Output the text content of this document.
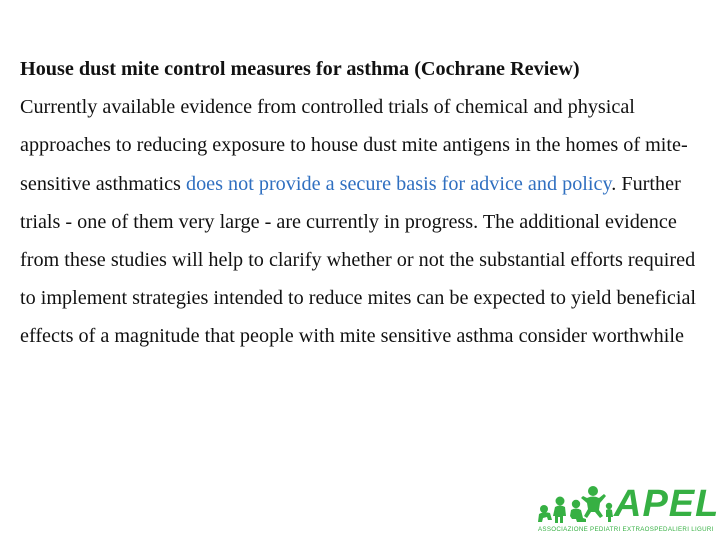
House dust mite control measures for asthma (Cochrane Review)
Currently available evidence from controlled trials of chemical and physical approaches to reducing exposure to house dust mite antigens in the homes of mite-sensitive asthmatics does not provide a secure basis for advice and policy. Further trials - one of them very large - are currently in progress. The additional evidence from these studies will help to clarify whether or not the substantial efforts required to implement strategies intended to reduce mites can be expected to yield beneficial effects of a magnitude that people with mite sensitive asthma consider worthwhile
APEL
ASSOCIAZIONE PEDIATRI EXTRAOSPEDALIERI LIGURI
